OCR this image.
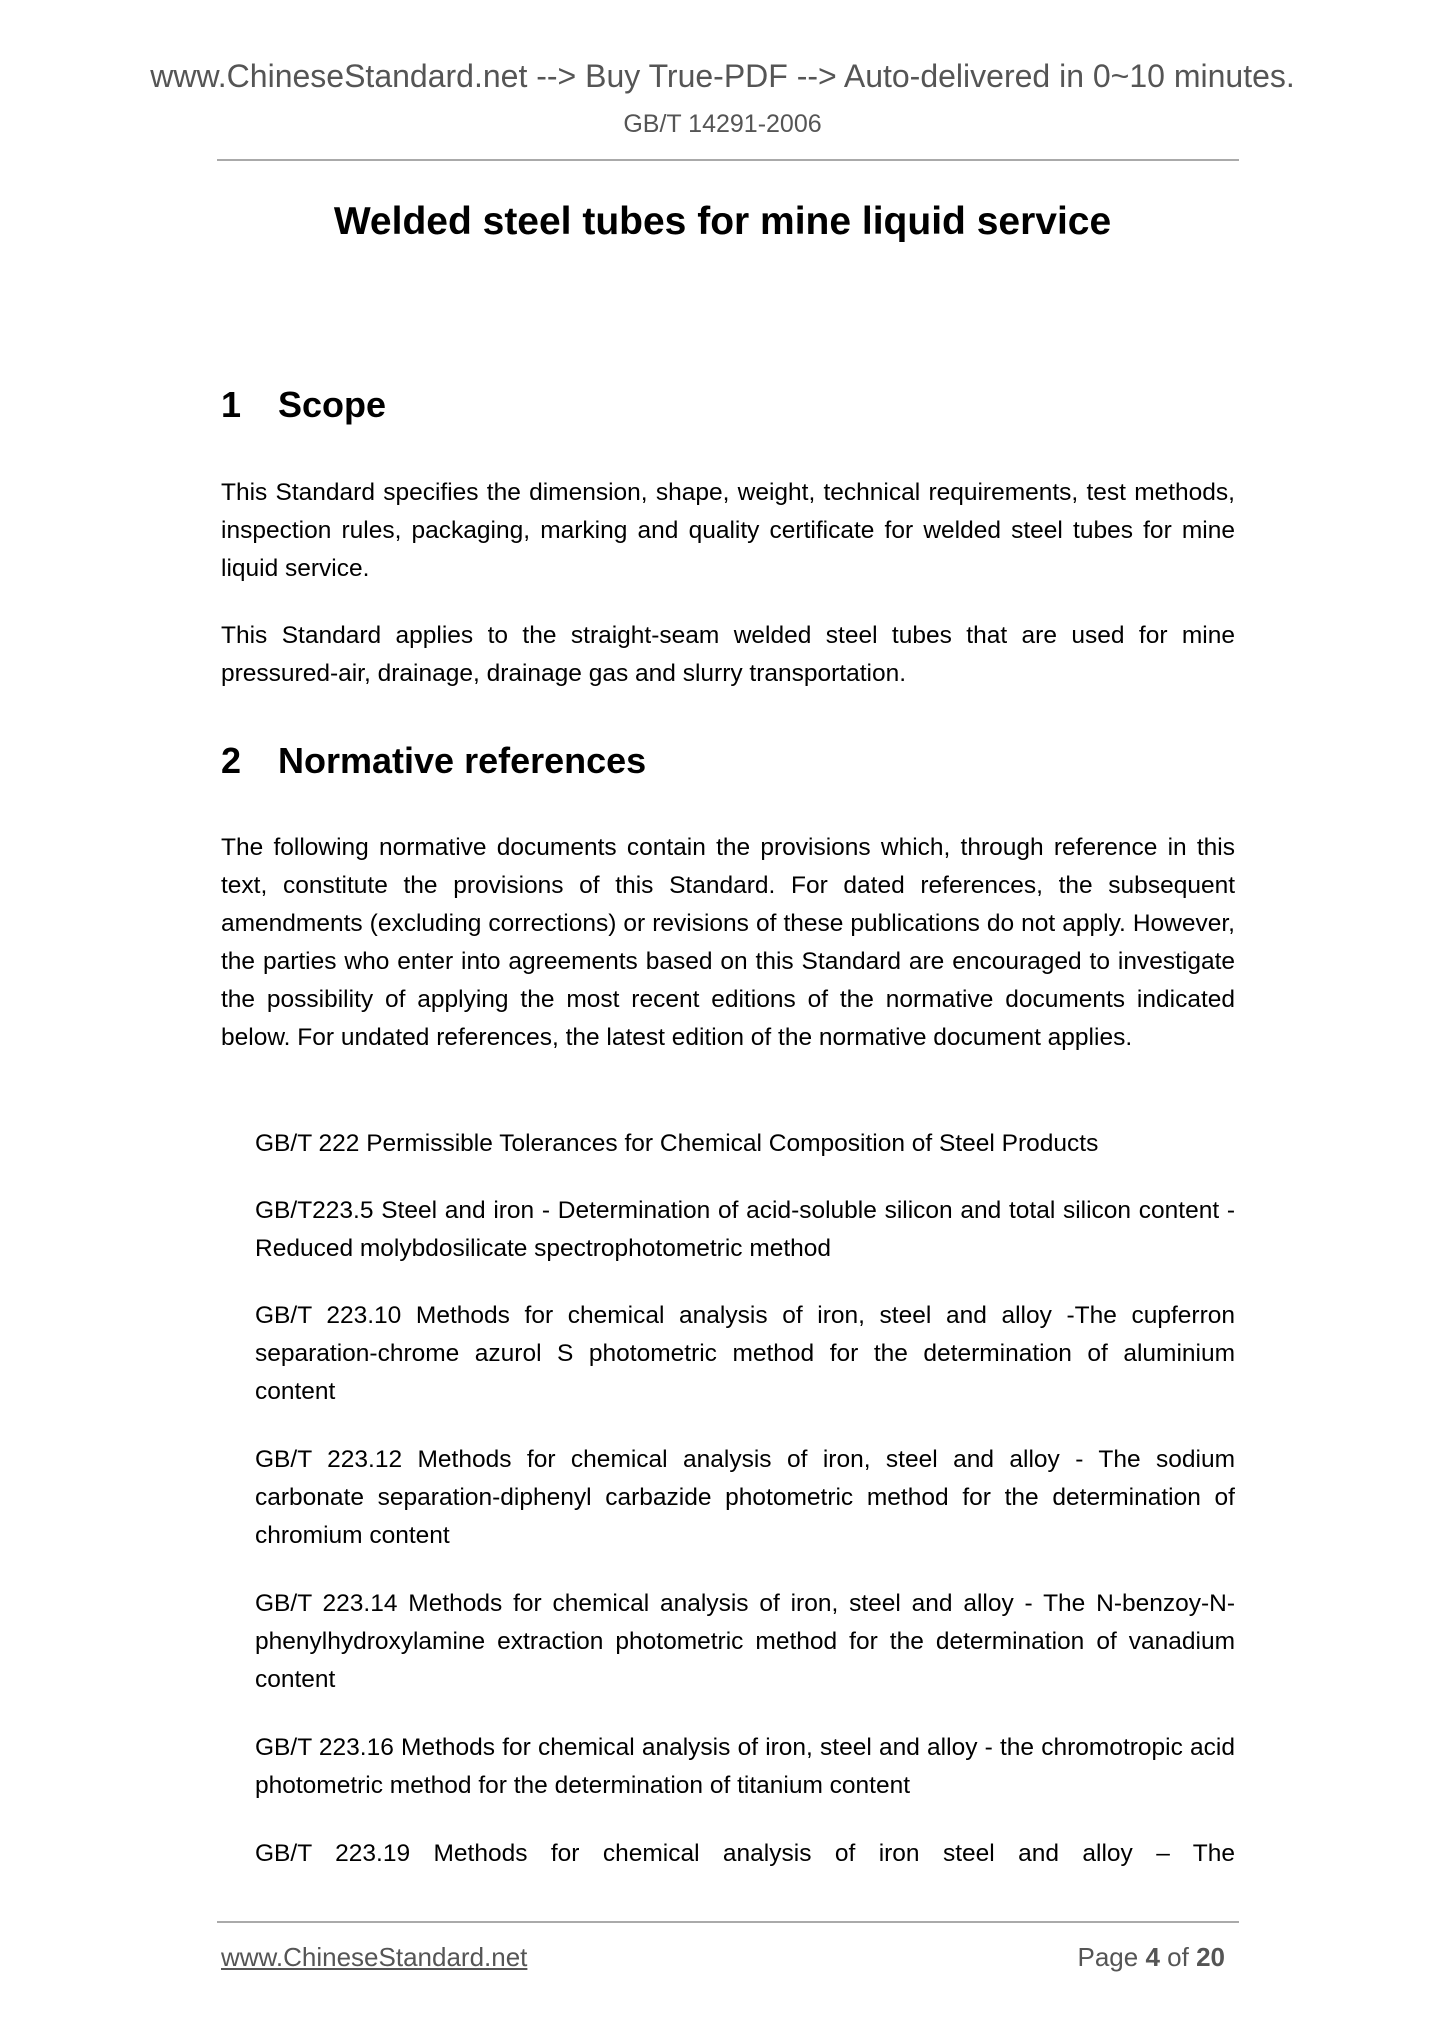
www.ChineseStandard.net --> Buy True-PDF --> Auto-delivered in 0~10 minutes.
GB/T 14291-2006
Welded steel tubes for mine liquid service
1 Scope
This Standard specifies the dimension, shape, weight, technical requirements, test methods, inspection rules, packaging, marking and quality certificate for welded steel tubes for mine liquid service.
This Standard applies to the straight-seam welded steel tubes that are used for mine pressured-air, drainage, drainage gas and slurry transportation.
2 Normative references
The following normative documents contain the provisions which, through reference in this text, constitute the provisions of this Standard. For dated references, the subsequent amendments (excluding corrections) or revisions of these publications do not apply. However, the parties who enter into agreements based on this Standard are encouraged to investigate the possibility of applying the most recent editions of the normative documents indicated below. For undated references, the latest edition of the normative document applies.
GB/T 222 Permissible Tolerances for Chemical Composition of Steel Products
GB/T223.5 Steel and iron - Determination of acid-soluble silicon and total silicon content - Reduced molybdosilicate spectrophotometric method
GB/T 223.10 Methods for chemical analysis of iron, steel and alloy -The cupferron separation-chrome azurol S photometric method for the determination of aluminium content
GB/T 223.12 Methods for chemical analysis of iron, steel and alloy - The sodium carbonate separation-diphenyl carbazide photometric method for the determination of chromium content
GB/T 223.14 Methods for chemical analysis of iron, steel and alloy - The N-benzoy-N-phenylhydroxylamine extraction photometric method for the determination of vanadium content
GB/T 223.16 Methods for chemical analysis of iron, steel and alloy - the chromotropic acid photometric method for the determination of titanium content
GB/T 223.19 Methods for chemical analysis of iron steel and alloy – The
www.ChineseStandard.net	Page 4 of 20
